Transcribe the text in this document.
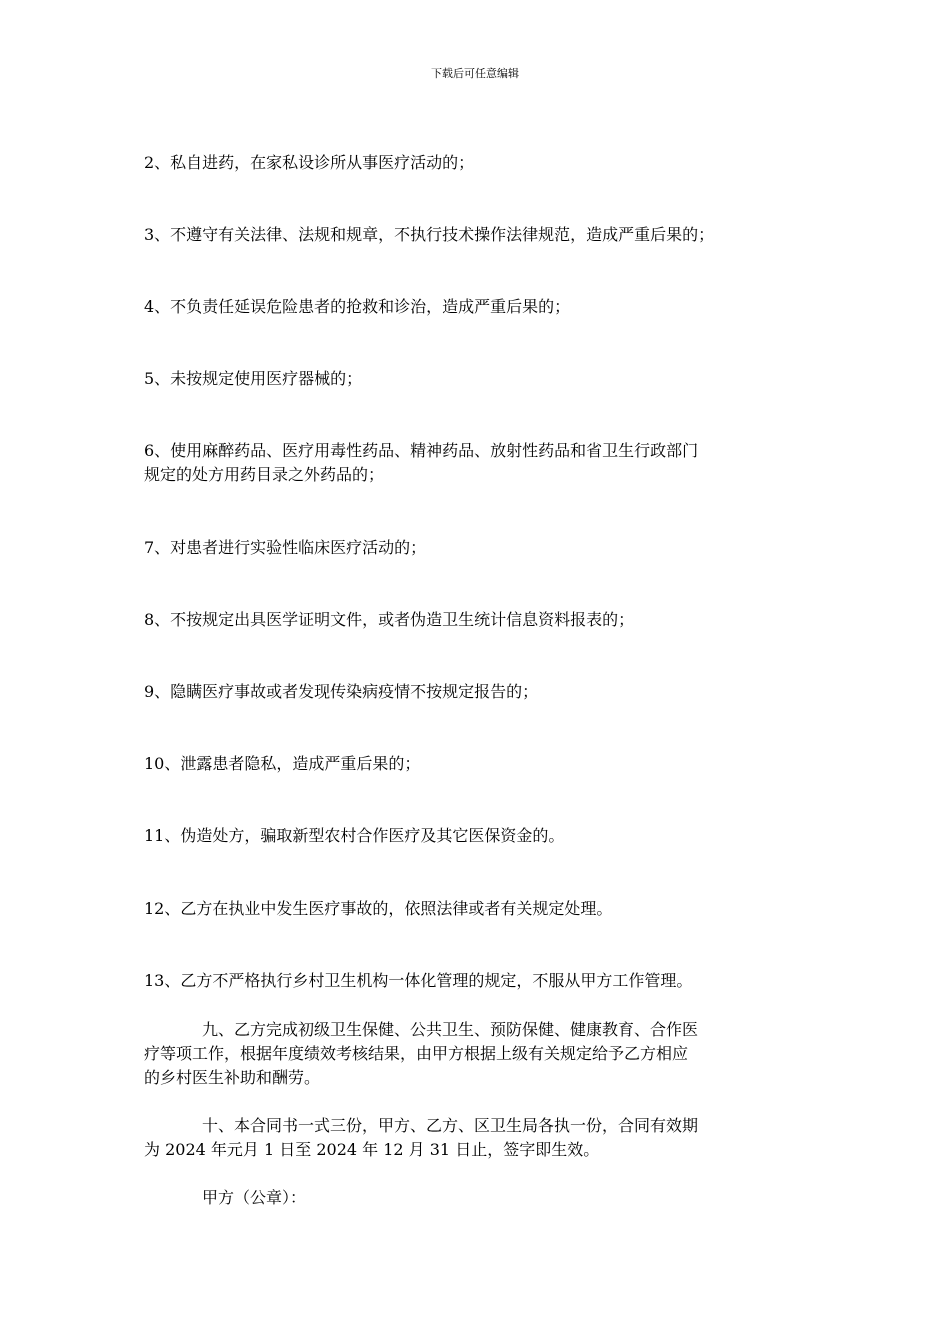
下载后可任意编辑

2、私自进药，在家私设诊所从事医疗活动的；

3、不遵守有关法律、法规和规章，不执行技术操作法律规范，造成严重后果的；

4、不负责任延误危险患者的抢救和诊治，造成严重后果的；

5、未按规定使用医疗器械的；

6、使用麻醉药品、医疗用毒性药品、精神药品、放射性药品和省卫生行政部门
规定的处方用药目录之外药品的；

7、对患者进行实验性临床医疗活动的；

8、不按规定出具医学证明文件，或者伪造卫生统计信息资料报表的；

9、隐瞒医疗事故或者发现传染病疫情不按规定报告的；

10、泄露患者隐私，造成严重后果的；

11、伪造处方，骗取新型农村合作医疗及其它医保资金的。

12、乙方在执业中发生医疗事故的，依照法律或者有关规定处理。

13、乙方不严格执行乡村卫生机构一体化管理的规定，不服从甲方工作管理。

九、乙方完成初级卫生保健、公共卫生、预防保健、健康教育、合作医
疗等项工作，根据年度绩效考核结果，由甲方根据上级有关规定给予乙方相应
的乡村医生补助和酬劳。
十、本合同书一式三份，甲方、乙方、区卫生局各执一份，合同有效期
为 2024 年元月 1 日至 2024 年 12 月 31 日止，签字即生效。
甲方（公章）：
